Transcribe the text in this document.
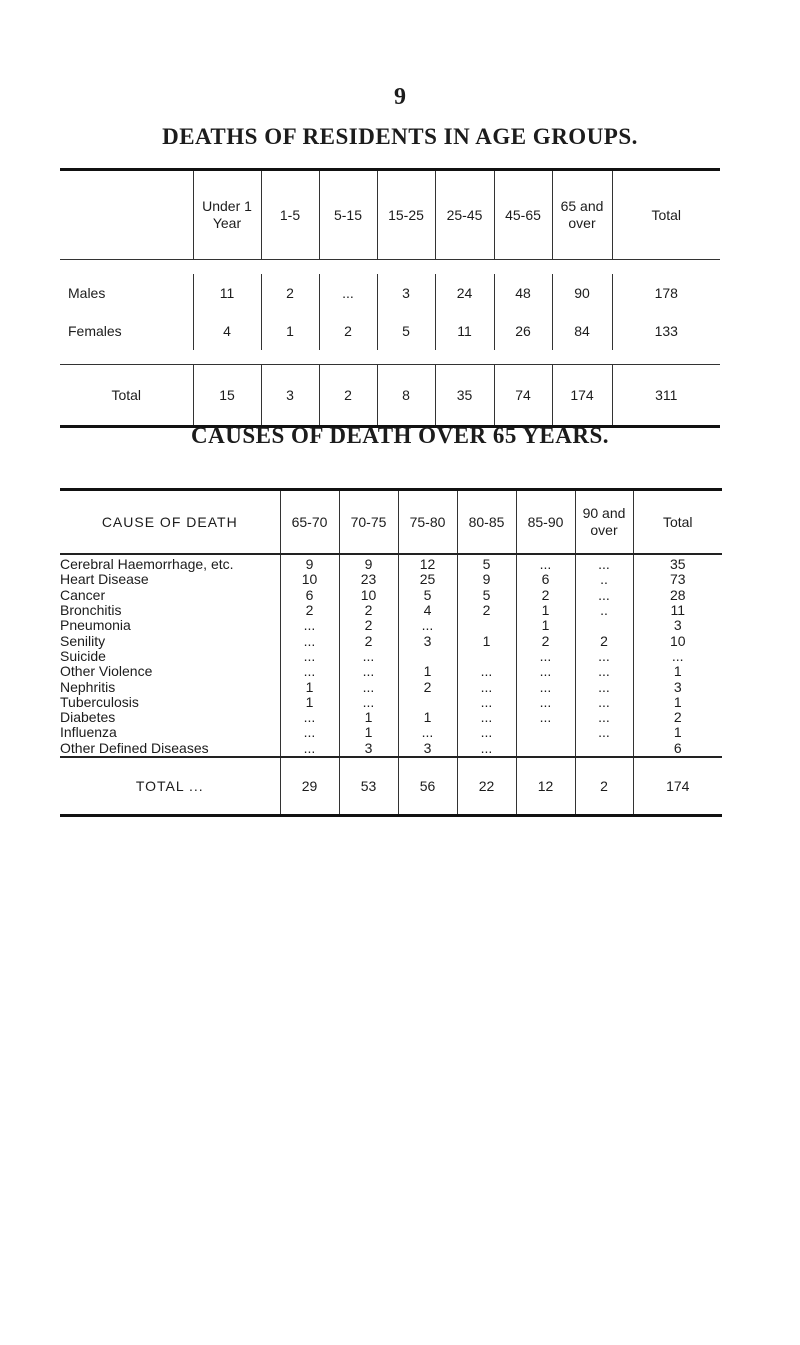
9
DEATHS OF RESIDENTS IN AGE GROUPS.
	Under 1 Year	1-5	5-15	15-25	25-45	45-65	65 and over	Total

Males	11	2	...	3	24	48	90	178
Females	4	1	2	5	11	26	84	133

Total	15	3	2	8	35	74	174	311
CAUSES OF DEATH OVER 65 YEARS.
CAUSE OF DEATH	65-70	70-75	75-80	80-85	85-90	90 and over	Total
Cerebral Haemorrhage, etc.	9	9	12	5	...	...	35
Heart Disease	10	23	25	9	6	..	73
Cancer	6	10	5	5	2	...	28
Bronchitis	2	2	4	2	1	..	11
Pneumonia	...	2	...		1		3
Senility	...	2	3	1	2	2	10
Suicide	...	...			...	...	...
Other Violence	...	...	1	...	...	...	1
Nephritis	1	...	2	...	...	...	3
Tuberculosis	1	...		...	...	...	1
Diabetes	...	1	1	...	...	...	2
Influenza	...	1	...	...		...	1
Other Defined Diseases	...	3	3	...			6
TOTAL ...	29	53	56	22	12	2	174
